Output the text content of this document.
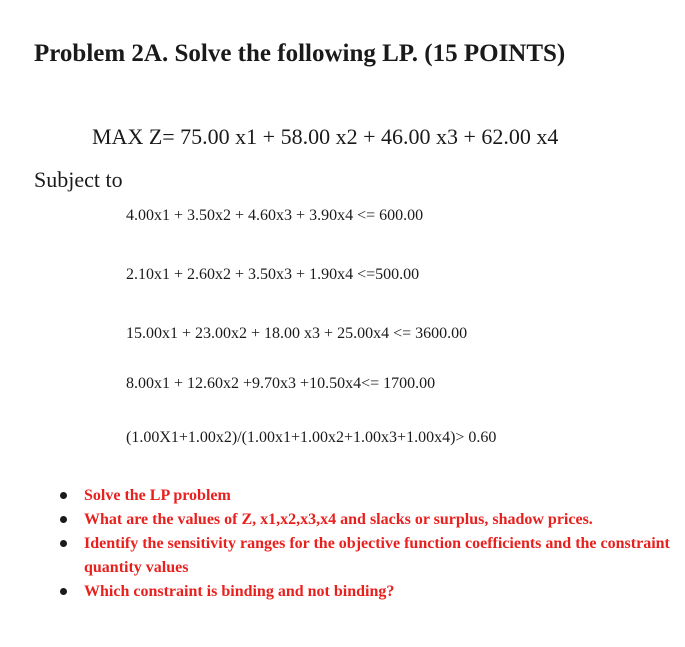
Problem 2A. Solve the following LP. (15 POINTS)
MAX Z= 75.00 x1 + 58.00 x2 + 46.00 x3 + 62.00 x4
Subject to
4.00x1 + 3.50x2 + 4.60x3 + 3.90x4 <= 600.00
2.10x1 + 2.60x2 + 3.50x3 + 1.90x4 <=500.00
15.00x1 + 23.00x2 + 18.00 x3 + 25.00x4 <= 3600.00
8.00x1 + 12.60x2 +9.70x3 +10.50x4<= 1700.00
(1.00X1+1.00x2)/(1.00x1+1.00x2+1.00x3+1.00x4)> 0.60
Solve the LP problem
What are the values of Z, x1,x2,x3,x4 and slacks or surplus, shadow prices.
Identify the sensitivity ranges for the objective function coefficients and the constraint quantity values
Which constraint is binding and not binding?
